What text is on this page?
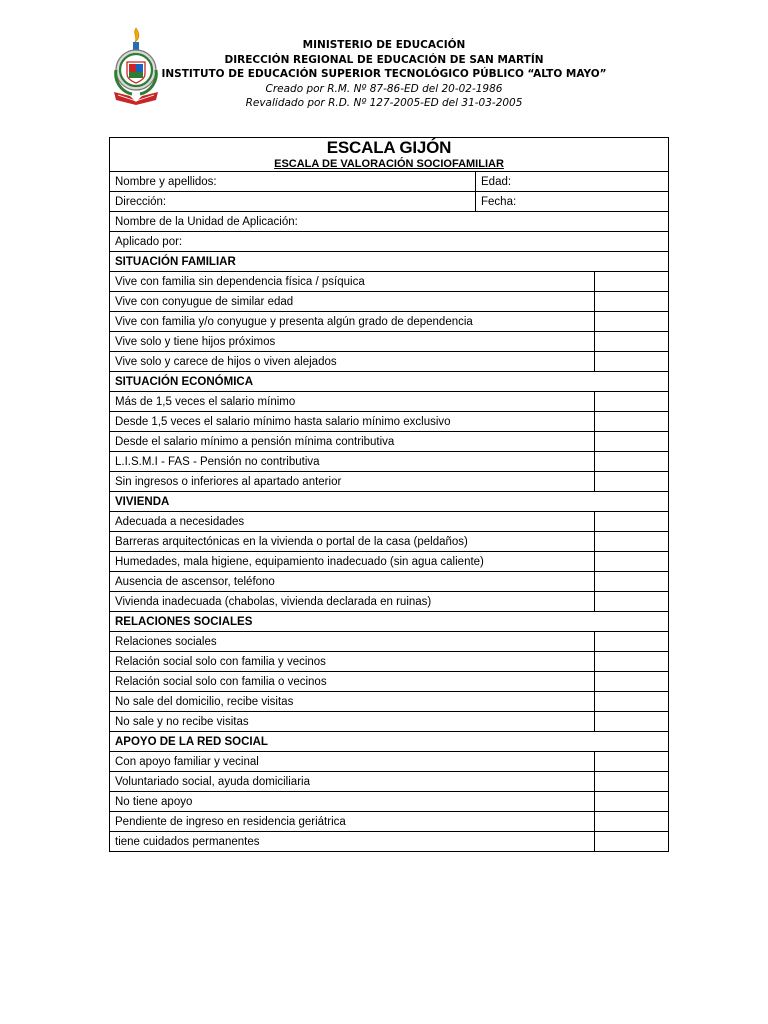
MINISTERIO DE EDUCACIÓN
DIRECCIÓN REGIONAL DE EDUCACIÓN DE SAN MARTÍN
INSTITUTO DE EDUCACIÓN SUPERIOR TECNOLÓGICO PÚBLICO “ALTO MAYO”
Creado por R.M. Nº 87-86-ED del 20-02-1986
Revalidado por R.D. Nº 127-2005-ED del 31-03-2005
ESCALA GIJÓN
ESCALA DE VALORACIÓN SOCIOFAMILIAR		

Nombre y apellidos:	Edad:	
Dirección:	Fecha:	
Nombre de la Unidad de Aplicación:		
Aplicado por:		
SITUACIÓN FAMILIAR		
Vive con familia sin dependencia física / psíquica		
Vive con conyugue de similar edad		
Vive con familia y/o conyugue y presenta algún grado de dependencia		
Vive solo y tiene hijos próximos		
Vive solo y carece de hijos o viven alejados		
SITUACIÓN ECONÓMICA		
Más de 1,5 veces el salario mínimo		
Desde 1,5 veces el salario mínimo hasta salario mínimo exclusivo		
Desde el salario mínimo a pensión mínima contributiva		
L.I.S.M.I - FAS - Pensión no contributiva		
Sin ingresos o inferiores al apartado anterior		
VIVIENDA		
Adecuada a necesidades		
Barreras arquitectónicas en la vivienda o portal de la casa (peldaños)		
Humedades, mala higiene, equipamiento inadecuado (sin agua caliente)		
Ausencia de ascensor, teléfono		
Vivienda inadecuada (chabolas, vivienda declarada en ruinas)		
RELACIONES SOCIALES		
Relaciones sociales		
Relación social solo con familia y vecinos		
Relación social solo con familia o vecinos		
No sale del domicilio, recibe visitas		
No sale y no recibe visitas		
APOYO DE LA RED SOCIAL		
Con apoyo familiar y vecinal		
Voluntariado social, ayuda domiciliaria		
No tiene apoyo		
Pendiente de ingreso en residencia geriátrica		
tiene cuidados permanentes		
